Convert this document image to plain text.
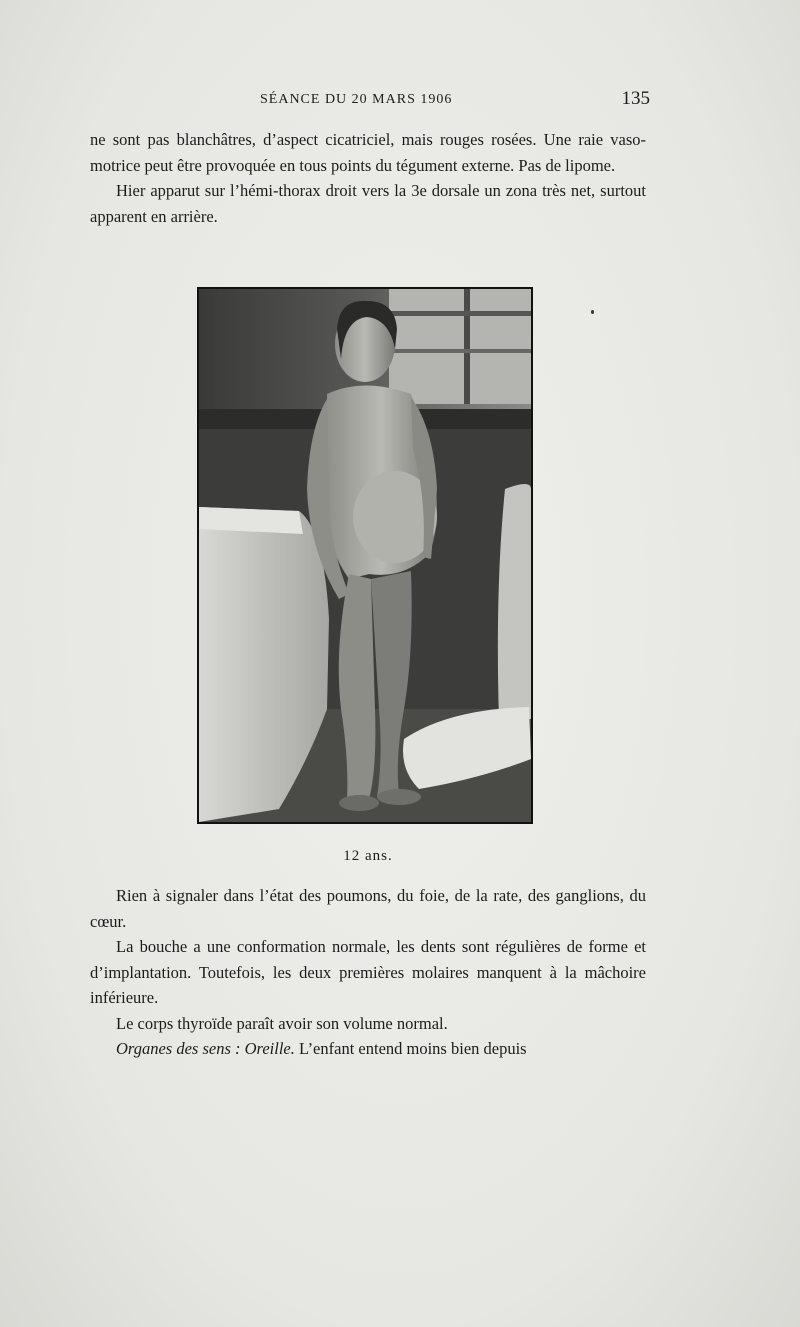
SÉANCE DU 20 MARS 1906	135

ne sont pas blanchâtres, d’aspect cicatriciel, mais rouges rosées. Une raie vaso-motrice peut être provoquée en tous points du tégument externe. Pas de lipome.

Hier apparut sur l’hémi-thorax droit vers la 3e dorsale un zona très net, surtout apparent en arrière.

12 ans.

Rien à signaler dans l’état des poumons, du foie, de la rate, des ganglions, du cœur.

La bouche a une conformation normale, les dents sont régulières de forme et d’implantation. Toutefois, les deux premières molaires manquent à la mâchoire inférieure.

Le corps thyroïde paraît avoir son volume normal.

Organes des sens : Oreille. L’enfant entend moins bien depuis
